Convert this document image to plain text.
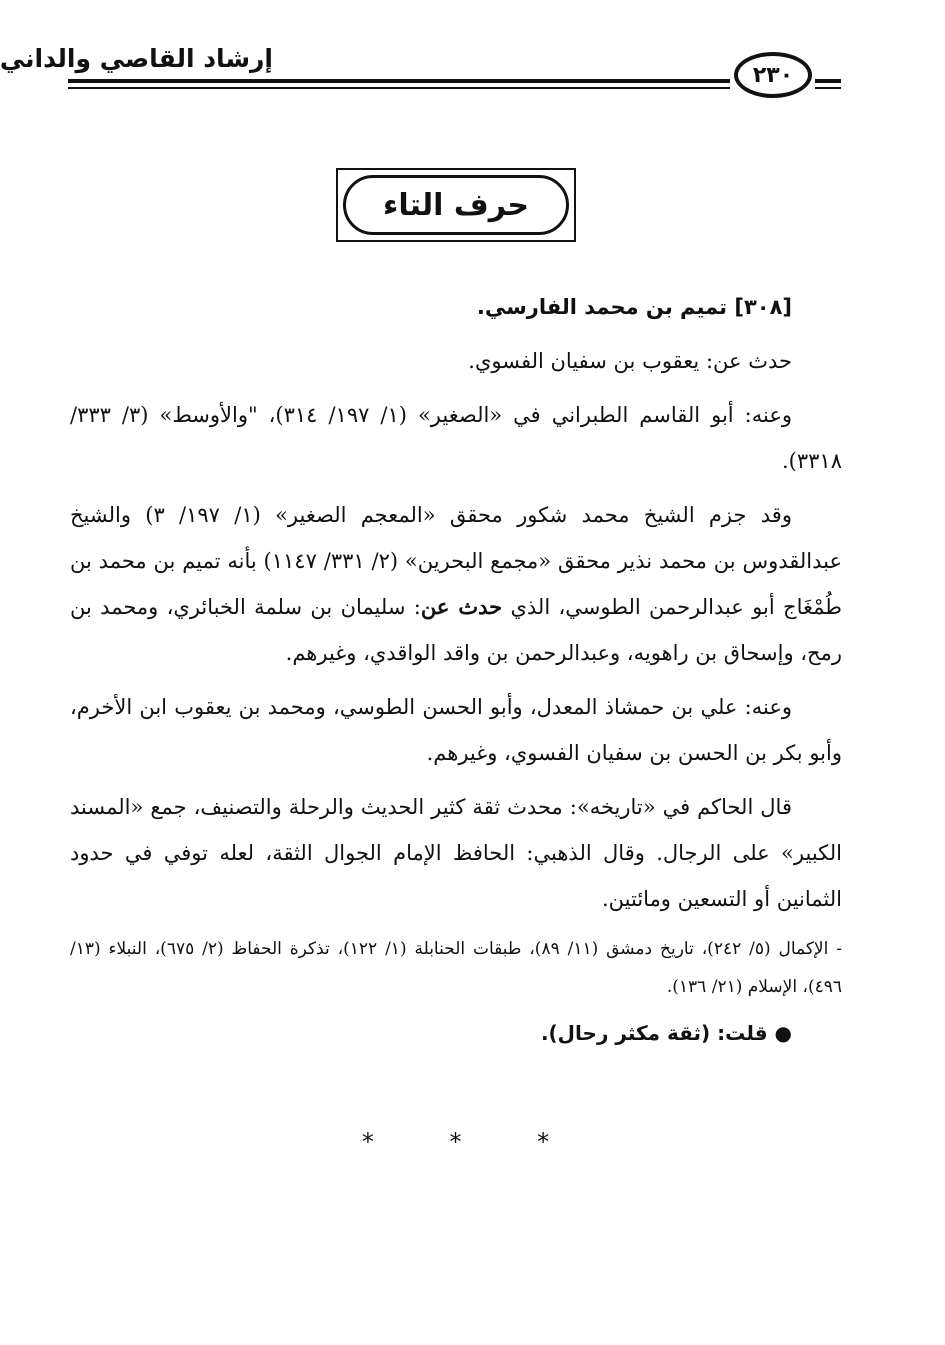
إرشاد القاصي والداني
٢٣٠
حرف التاء

[٣٠٨] تميم بن محمد الفارسي.

حدث عن: يعقوب بن سفيان الفسوي.

وعنه: أبو القاسم الطبراني في «الصغير» (١/ ١٩٧/ ٣١٤)، "والأوسط» (٣/ ٣٣٣/ ٣٣١٨).

وقد جزم الشيخ محمد شكور محقق «المعجم الصغير» (١/ ١٩٧/ ٣) والشيخ عبدالقدوس بن محمد نذير محقق «مجمع البحرين» (٢/ ٣٣١/ ١١٤٧) بأنه تميم بن محمد بن طُمْغَاج أبو عبدالرحمن الطوسي، الذي حدث عن: سليمان بن سلمة الخبائري، ومحمد بن رمح، وإسحاق بن راهويه، وعبدالرحمن بن واقد الواقدي، وغيرهم.

وعنه: علي بن حمشاذ المعدل، وأبو الحسن الطوسي، ومحمد بن يعقوب ابن الأخرم، وأبو بكر بن الحسن بن سفيان الفسوي، وغيرهم.

قال الحاكم في «تاريخه»: محدث ثقة كثير الحديث والرحلة والتصنيف، جمع «المسند الكبير» على الرجال. وقال الذهبي: الحافظ الإمام الجوال الثقة، لعله توفي في حدود الثمانين أو التسعين ومائتين.

- الإكمال (٥/ ٢٤٢)، تاريخ دمشق (١١/ ٨٩)، طبقات الحنابلة (١/ ١٢٢)، تذكرة الحفاظ (٢/ ٦٧٥)، النبلاء (١٣/ ٤٩٦)، الإسلام (٢١/ ١٣٦).

● قلت: (ثقة مكثر رحال).

* * *
